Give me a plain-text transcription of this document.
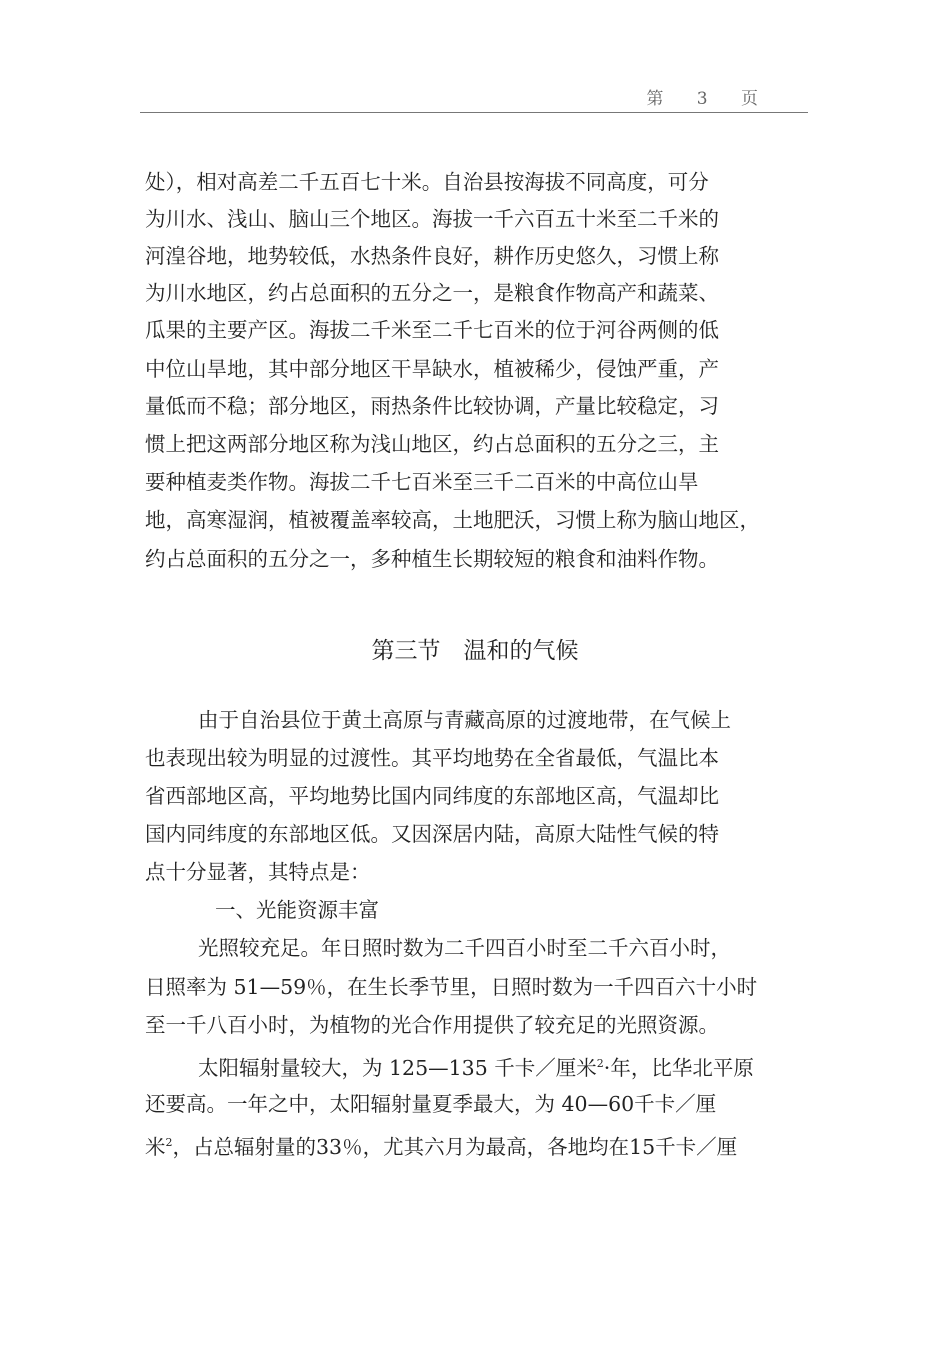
第 3 页
处），相对高差二千五百七十米。自治县按海拔不同高度，可分
为川水、浅山、脑山三个地区。海拔一千六百五十米至二千米的
河湟谷地，地势较低，水热条件良好，耕作历史悠久，习惯上称
为川水地区，约占总面积的五分之一，是粮食作物高产和蔬菜、
瓜果的主要产区。海拔二千米至二千七百米的位于河谷两侧的低
中位山旱地，其中部分地区干旱缺水，植被稀少，侵蚀严重，产
量低而不稳；部分地区，雨热条件比较协调，产量比较稳定，习
惯上把这两部分地区称为浅山地区，约占总面积的五分之三，主
要种植麦类作物。海拔二千七百米至三千二百米的中高位山旱
地，高寒湿润，植被覆盖率较高，土地肥沃，习惯上称为脑山地区，
约占总面积的五分之一，多种植生长期较短的粮食和油料作物。
第三节　温和的气候
由于自治县位于黄土高原与青藏高原的过渡地带，在气候上
也表现出较为明显的过渡性。其平均地势在全省最低，气温比本
省西部地区高，平均地势比国内同纬度的东部地区高，气温却比
国内同纬度的东部地区低。又因深居内陆，高原大陆性气候的特
点十分显著，其特点是：
一、光能资源丰富
光照较充足。年日照时数为二千四百小时至二千六百小时，
日照率为 51—59％，在生长季节里，日照时数为一千四百六十小时
至一千八百小时，为植物的光合作用提供了较充足的光照资源。
太阳辐射量较大，为 125—135 千卡／厘米$^2$·年，比华北平原
还要高。一年之中，太阳辐射量夏季最大，为 40—60千卡／厘
米$^2$，占总辐射量的33％，尤其六月为最高，各地均在15千卡／厘
